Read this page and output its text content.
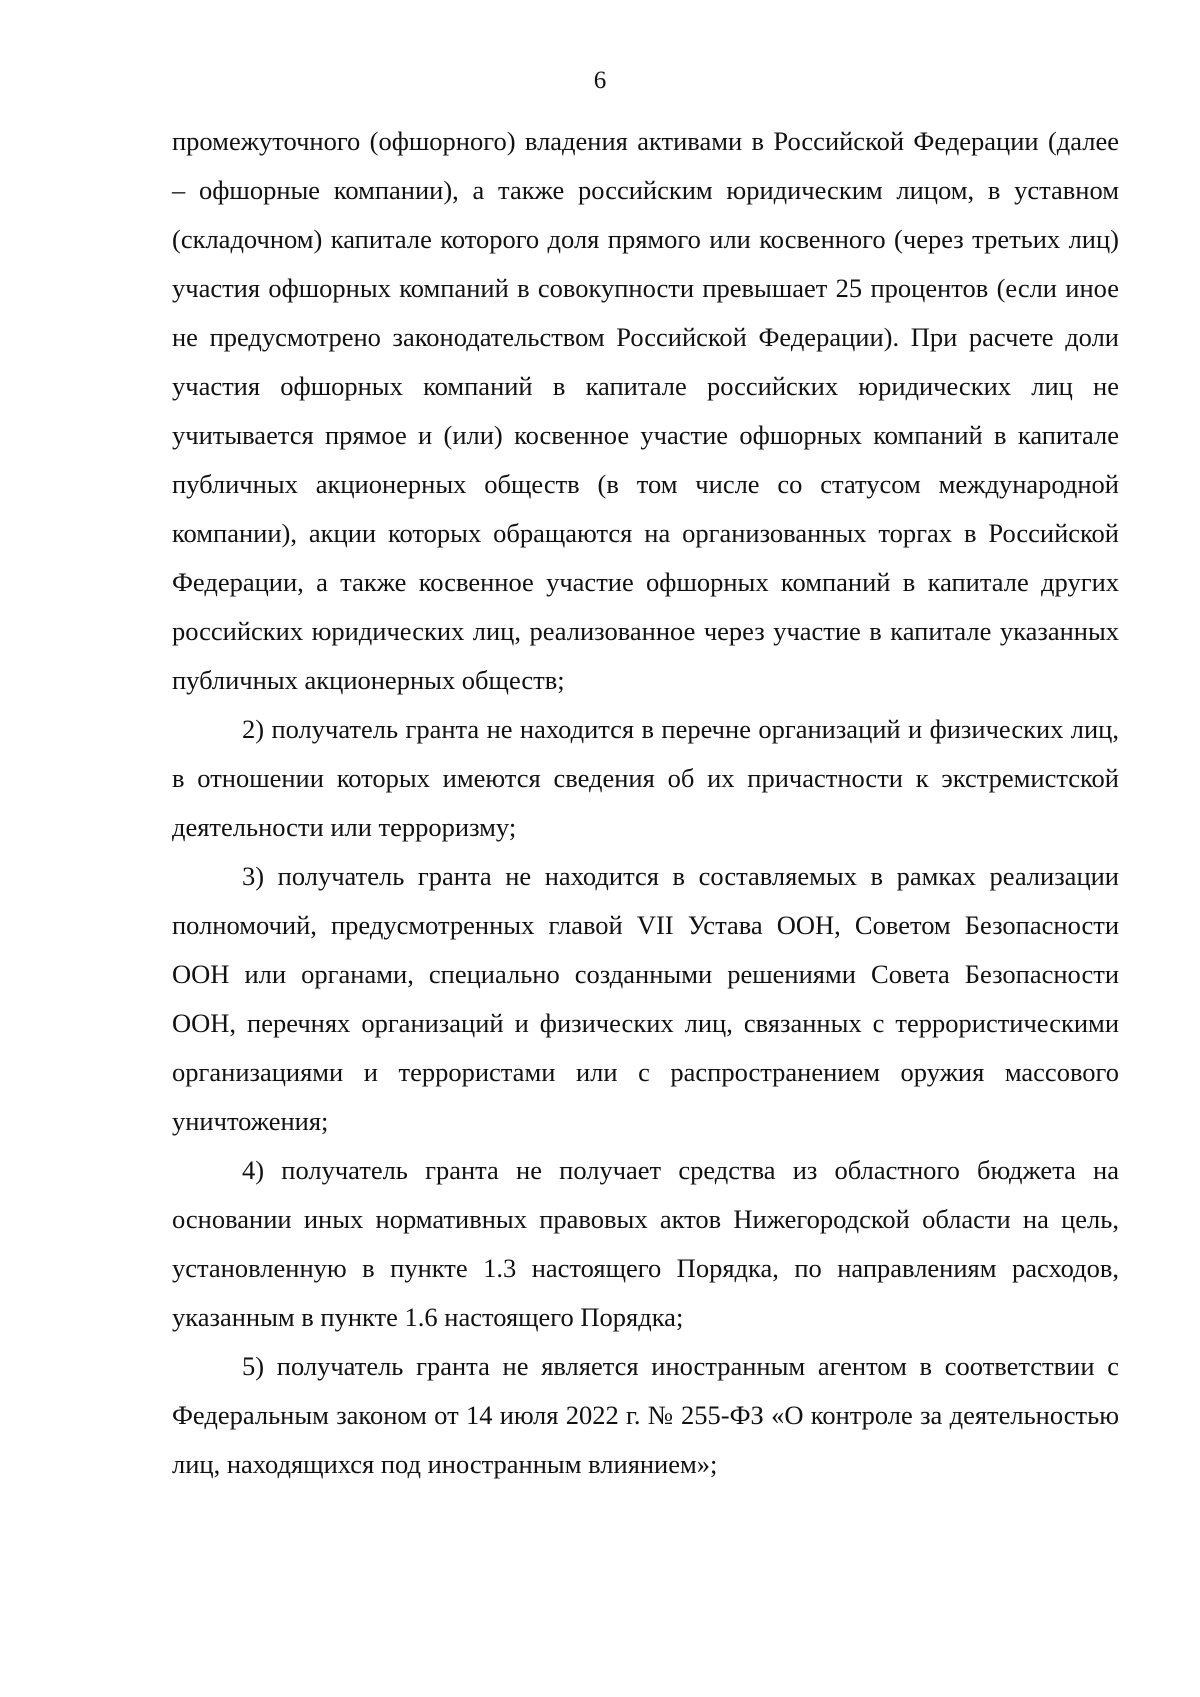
6

промежуточного (офшорного) владения активами в Российской Федерации (далее – офшорные компании), а также российским юридическим лицом, в уставном (складочном) капитале которого доля прямого или косвенного (через третьих лиц) участия офшорных компаний в совокупности превышает 25 процентов (если иное не предусмотрено законодательством Российской Федерации). При расчете доли участия офшорных компаний в капитале российских юридических лиц не учитывается прямое и (или) косвенное участие офшорных компаний в капитале публичных акционерных обществ (в том числе со статусом международной компании), акции которых обращаются на организованных торгах в Российской Федерации, а также косвенное участие офшорных компаний в капитале других российских юридических лиц, реализованное через участие в капитале указанных публичных акционерных обществ;

2) получатель гранта не находится в перечне организаций и физических лиц, в отношении которых имеются сведения об их причастности к экстремистской деятельности или терроризму;

3) получатель гранта не находится в составляемых в рамках реализации полномочий, предусмотренных главой VII Устава ООН, Советом Безопасности ООН или органами, специально созданными решениями Совета Безопасности ООН, перечнях организаций и физических лиц, связанных с террористическими организациями и террористами или с распространением оружия массового уничтожения;

4) получатель гранта не получает средства из областного бюджета на основании иных нормативных правовых актов Нижегородской области на цель, установленную в пункте 1.3 настоящего Порядка, по направлениям расходов, указанным в пункте 1.6 настоящего Порядка;

5) получатель гранта не является иностранным агентом в соответствии с Федеральным законом от 14 июля 2022 г. № 255-ФЗ «О контроле за деятельностью лиц, находящихся под иностранным влиянием»;
